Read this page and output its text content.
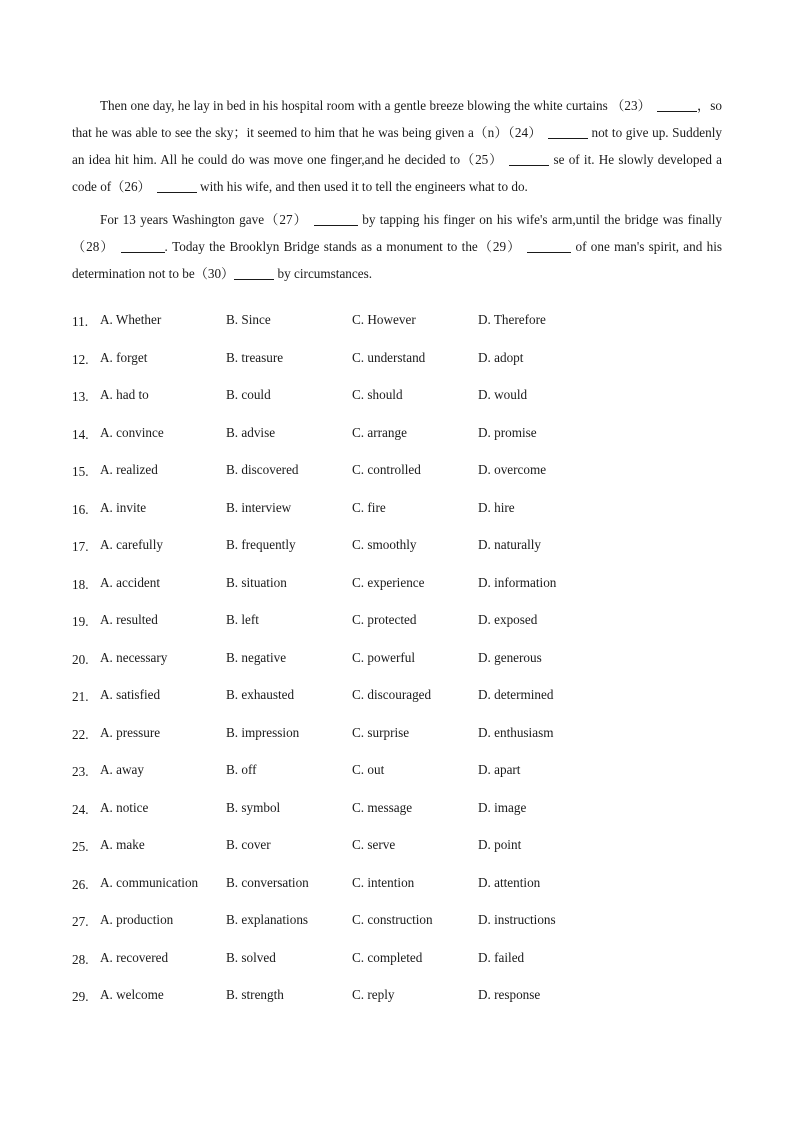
Then one day, he lay in bed in his hospital room with a gentle breeze blowing the white curtains （23）	，so that he was able to see the sky；it seemed to him that he was being given a（n）（24）	not to give up. Suddenly an idea hit him. All he could do was move one finger,and he decided to（25）	se of it. He slowly developed a code of（26）	with his wife, and then used it to tell the engineers what to do.

For 13 years Washington gave（27）	by tapping his finger on his wife's arm,until the bridge was finally （28）	. Today the Brooklyn Bridge stands as a monument to the（29）	of one man's spirit, and his determination not to be（30）	by circumstances.

11. A. Whether	B. Since	C. However	D. Therefore
12. A. forget	B. treasure	C. understand	D. adopt
13. A. had to	B. could	C. should	D. would
14. A. convince	B. advise	C. arrange	D. promise
15. A. realized	B. discovered	C. controlled	D. overcome
16. A. invite	B. interview	C. fire	D. hire
17. A. carefully	B. frequently	C. smoothly	D. naturally
18. A. accident	B. situation	C. experience	D. information
19. A. resulted	B. left	C. protected	D. exposed
20. A. necessary	B. negative	C. powerful	D. generous
21. A. satisfied	B. exhausted	C. discouraged	D. determined
22. A. pressure	B. impression	C. surprise	D. enthusiasm
23. A. away	B. off	C. out	D. apart
24. A. notice	B. symbol	C. message	D. image
25. A. make	B. cover	C. serve	D. point
26. A. communication B. conversation	C. intention	D. attention
27. A. production	B. explanations	C. construction	D. instructions
28. A. recovered	B. solved	C. completed	D. failed
29. A. welcome	B. strength	C. reply	D. response
